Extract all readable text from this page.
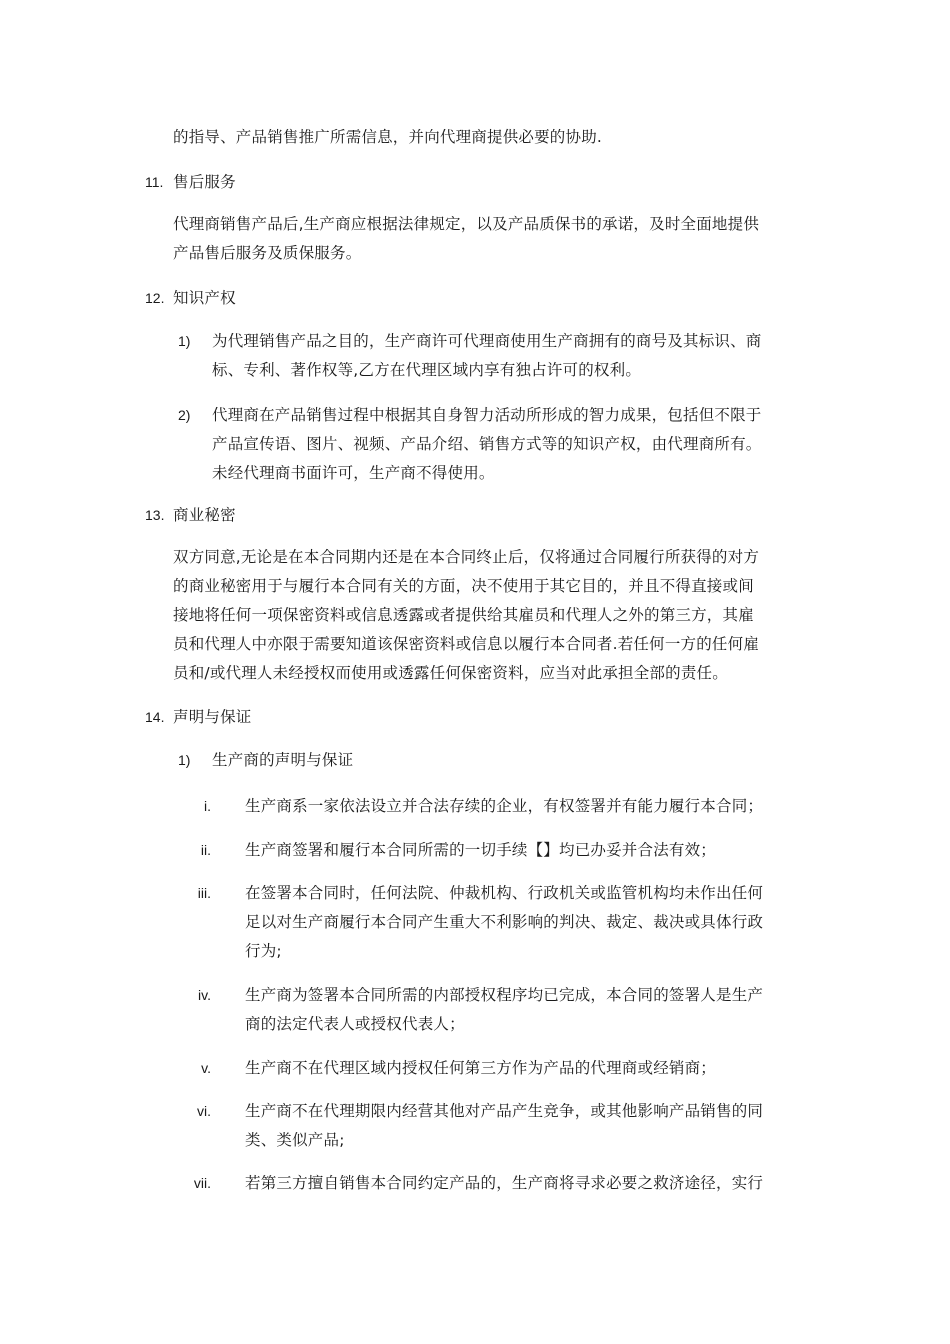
的指导、产品销售推广所需信息，并向代理商提供必要的协助.
11. 售后服务
代理商销售产品后,生产商应根据法律规定，以及产品质保书的承诺，及时全面地提供
产品售后服务及质保服务。
12. 知识产权
1) 为代理销售产品之目的，生产商许可代理商使用生产商拥有的商号及其标识、商
标、专利、著作权等,乙方在代理区域内享有独占许可的权利。
2) 代理商在产品销售过程中根据其自身智力活动所形成的智力成果，包括但不限于
产品宣传语、图片、视频、产品介绍、销售方式等的知识产权，由代理商所有。
未经代理商书面许可，生产商不得使用。
13. 商业秘密
双方同意,无论是在本合同期内还是在本合同终止后，仅将通过合同履行所获得的对方
的商业秘密用于与履行本合同有关的方面，决不使用于其它目的，并且不得直接或间
接地将任何一项保密资料或信息透露或者提供给其雇员和代理人之外的第三方，其雇
员和代理人中亦限于需要知道该保密资料或信息以履行本合同者.若任何一方的任何雇
员和/或代理人未经授权而使用或透露任何保密资料，应当对此承担全部的责任。
14. 声明与保证
1) 生产商的声明与保证
i. 生产商系一家依法设立并合法存续的企业，有权签署并有能力履行本合同；
ii. 生产商签署和履行本合同所需的一切手续【】均已办妥并合法有效；
iii. 在签署本合同时，任何法院、仲裁机构、行政机关或监管机构均未作出任何
足以对生产商履行本合同产生重大不利影响的判决、裁定、裁决或具体行政
行为;
iv. 生产商为签署本合同所需的内部授权程序均已完成，本合同的签署人是生产
商的法定代表人或授权代表人；
v. 生产商不在代理区域内授权任何第三方作为产品的代理商或经销商；
vi. 生产商不在代理期限内经营其他对产品产生竞争，或其他影响产品销售的同
类、类似产品;
vii. 若第三方擅自销售本合同约定产品的，生产商将寻求必要之救济途径，实行
